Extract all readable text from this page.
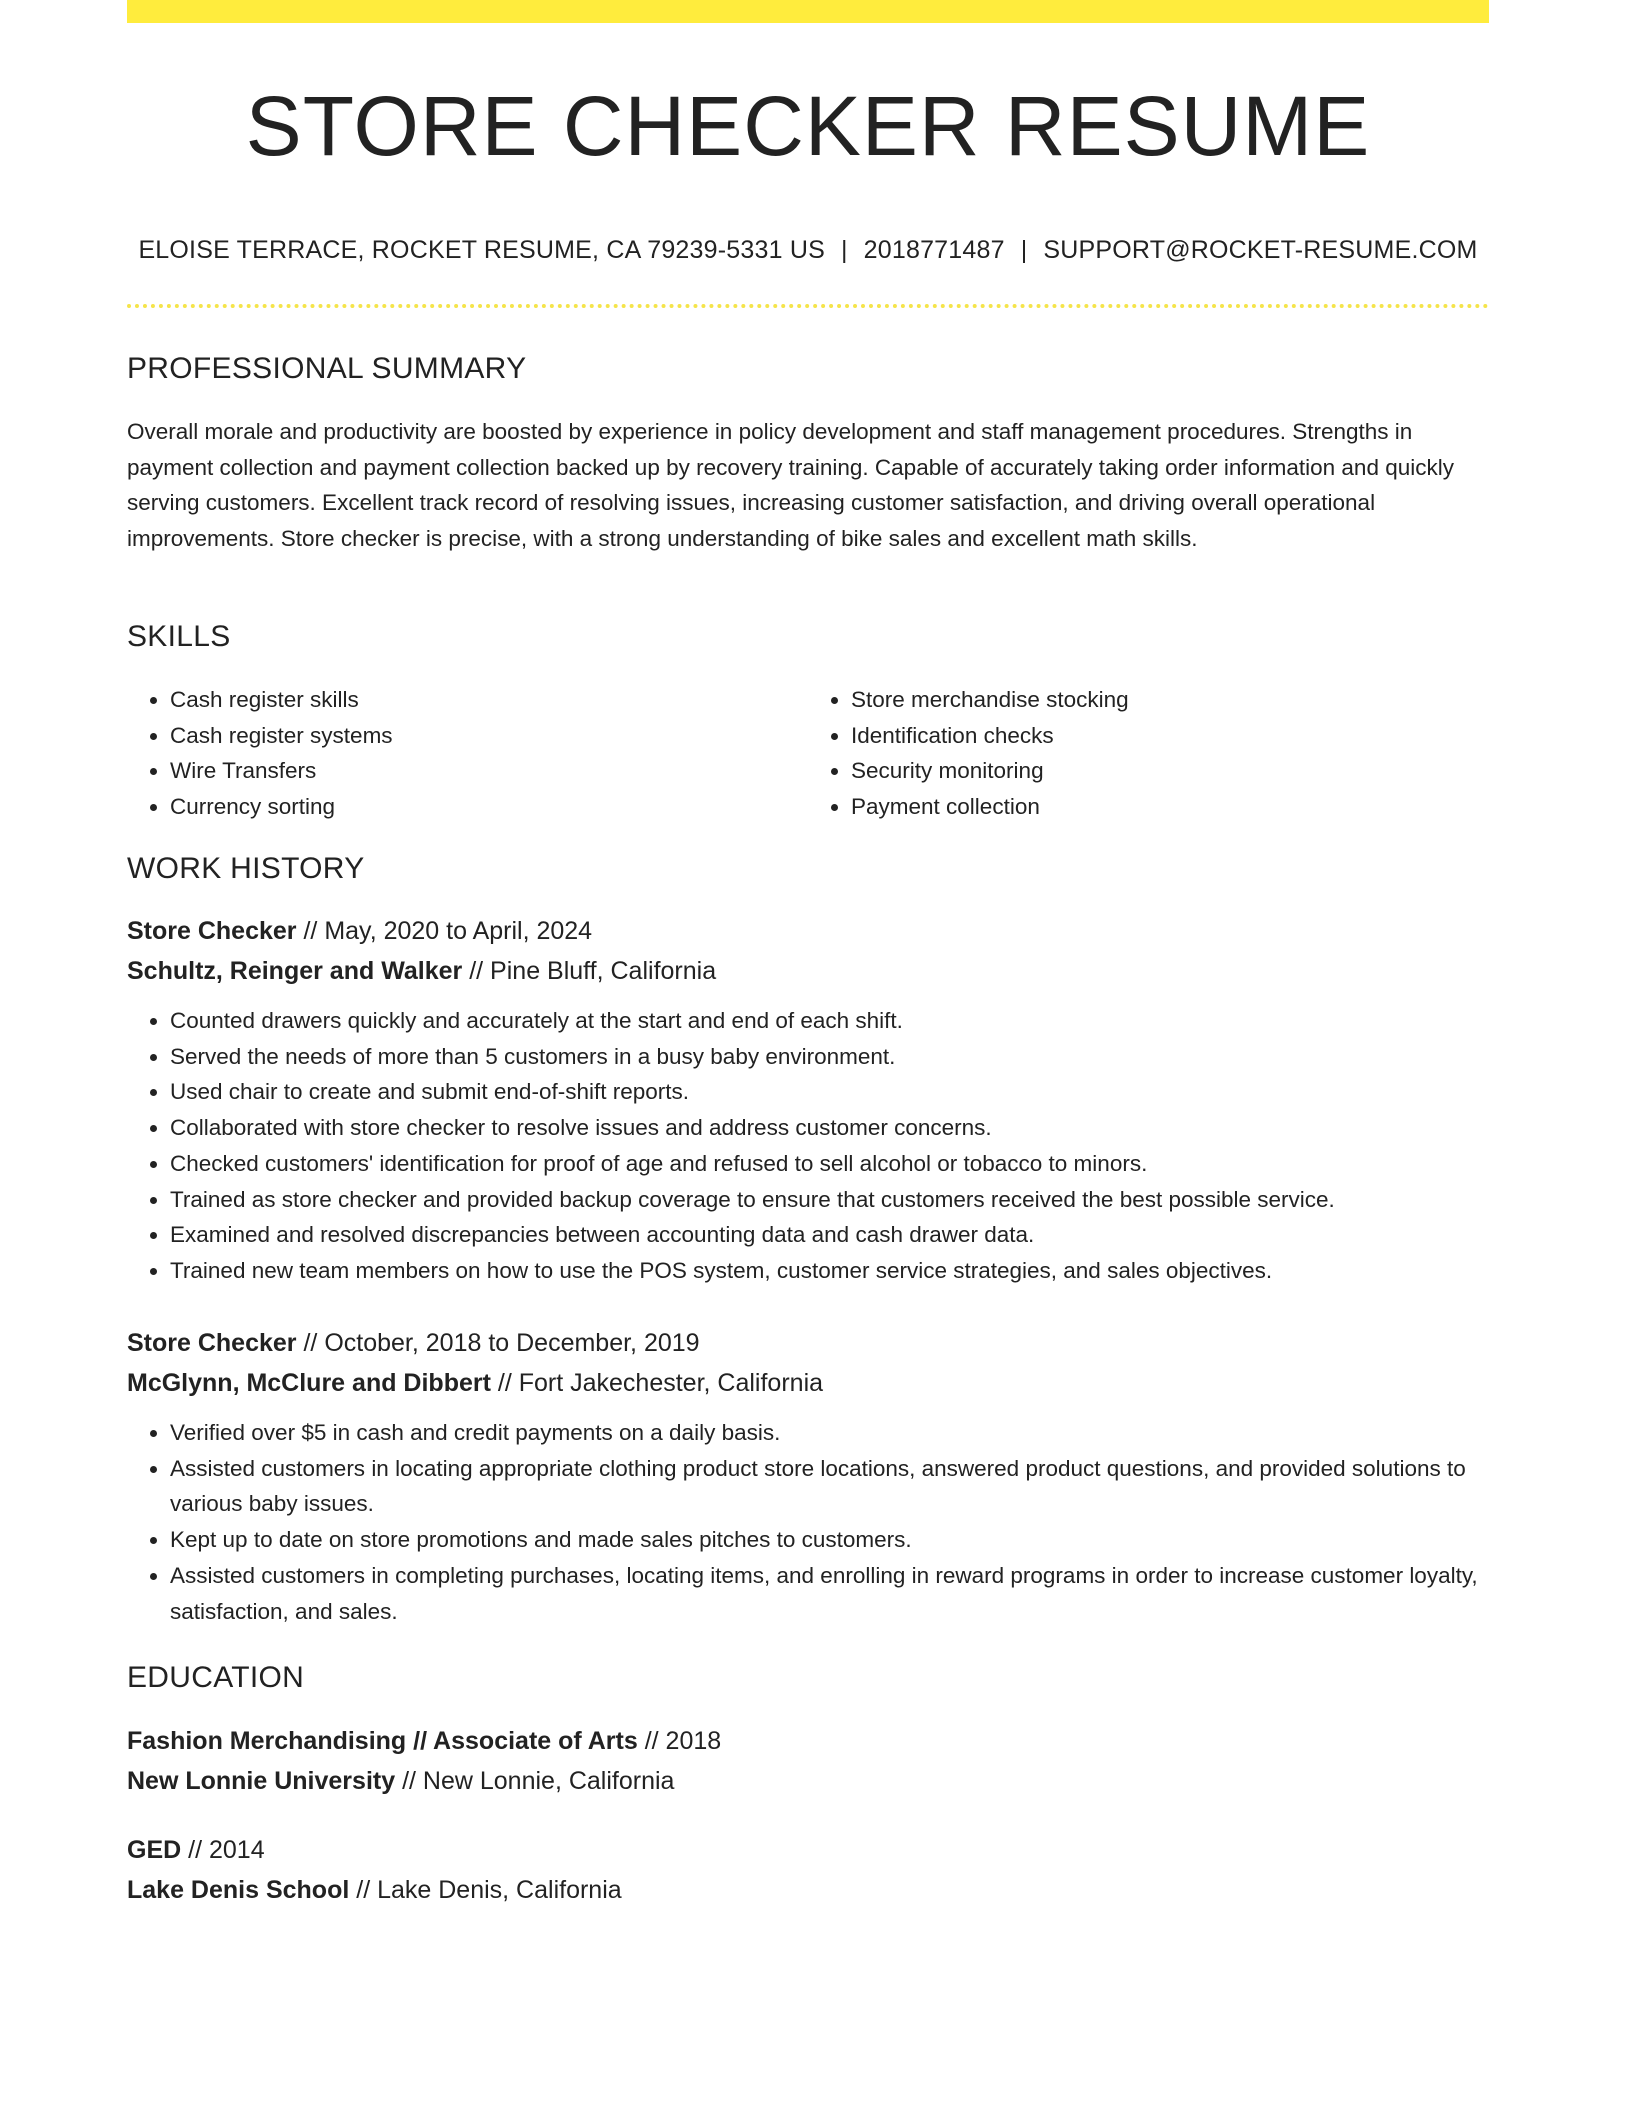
STORE CHECKER RESUME
ELOISE TERRACE, ROCKET RESUME, CA 79239-5331 US | 2018771487 | SUPPORT@ROCKET-RESUME.COM
PROFESSIONAL SUMMARY

Overall morale and productivity are boosted by experience in policy development and staff management procedures. Strengths in payment collection and payment collection backed up by recovery training. Capable of accurately taking order information and quickly serving customers. Excellent track record of resolving issues, increasing customer satisfaction, and driving overall operational improvements. Store checker is precise, with a strong understanding of bike sales and excellent math skills.

SKILLS
• Cash register skills
• Cash register systems
• Wire Transfers
• Currency sorting
• Store merchandise stocking
• Identification checks
• Security monitoring
• Payment collection
WORK HISTORY
Store Checker // May, 2020 to April, 2024
Schultz, Reinger and Walker // Pine Bluff, California
• Counted drawers quickly and accurately at the start and end of each shift.
• Served the needs of more than 5 customers in a busy baby environment.
• Used chair to create and submit end-of-shift reports.
• Collaborated with store checker to resolve issues and address customer concerns.
• Checked customers' identification for proof of age and refused to sell alcohol or tobacco to minors.
• Trained as store checker and provided backup coverage to ensure that customers received the best possible service.
• Examined and resolved discrepancies between accounting data and cash drawer data.
• Trained new team members on how to use the POS system, customer service strategies, and sales objectives.
Store Checker // October, 2018 to December, 2019
McGlynn, McClure and Dibbert // Fort Jakechester, California
• Verified over $5 in cash and credit payments on a daily basis.
• Assisted customers in locating appropriate clothing product store locations, answered product questions, and provided solutions to various baby issues.
• Kept up to date on store promotions and made sales pitches to customers.
• Assisted customers in completing purchases, locating items, and enrolling in reward programs in order to increase customer loyalty, satisfaction, and sales.
EDUCATION
Fashion Merchandising // Associate of Arts // 2018
New Lonnie University // New Lonnie, California
GED // 2014
Lake Denis School // Lake Denis, California
